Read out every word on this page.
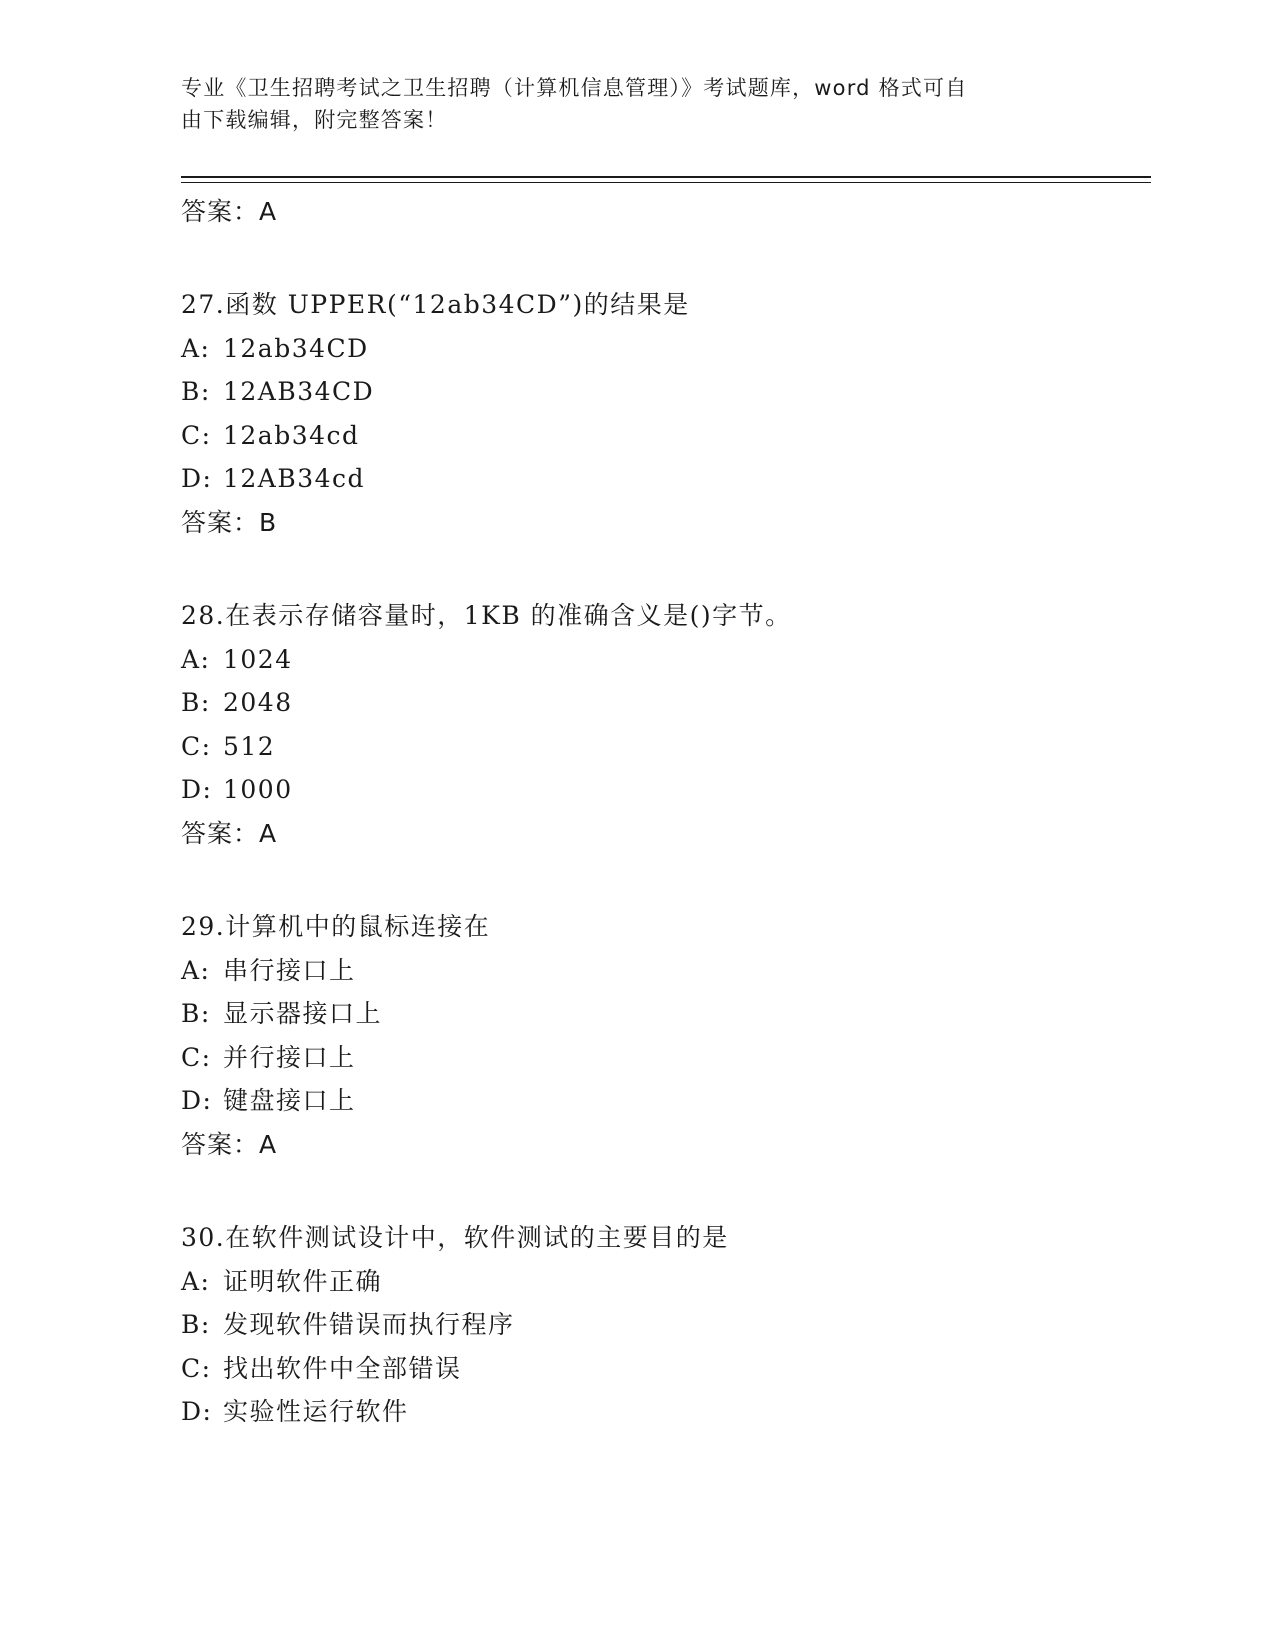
专业《卫生招聘考试之卫生招聘（计算机信息管理）》考试题库，word 格式可自
由下载编辑，附完整答案！
答案：A
27.函数 UPPER(“12ab34CD”)的结果是
A: 12ab34CD
B: 12AB34CD
C: 12ab34cd
D: 12AB34cd
答案：B
28.在表示存储容量时，1KB 的准确含义是()字节。
A: 1024
B: 2048
C: 512
D: 1000
答案：A
29.计算机中的鼠标连接在
A: 串行接口上
B: 显示器接口上
C: 并行接口上
D: 键盘接口上
答案：A
30.在软件测试设计中，软件测试的主要目的是
A: 证明软件正确
B: 发现软件错误而执行程序
C: 找出软件中全部错误
D: 实验性运行软件
